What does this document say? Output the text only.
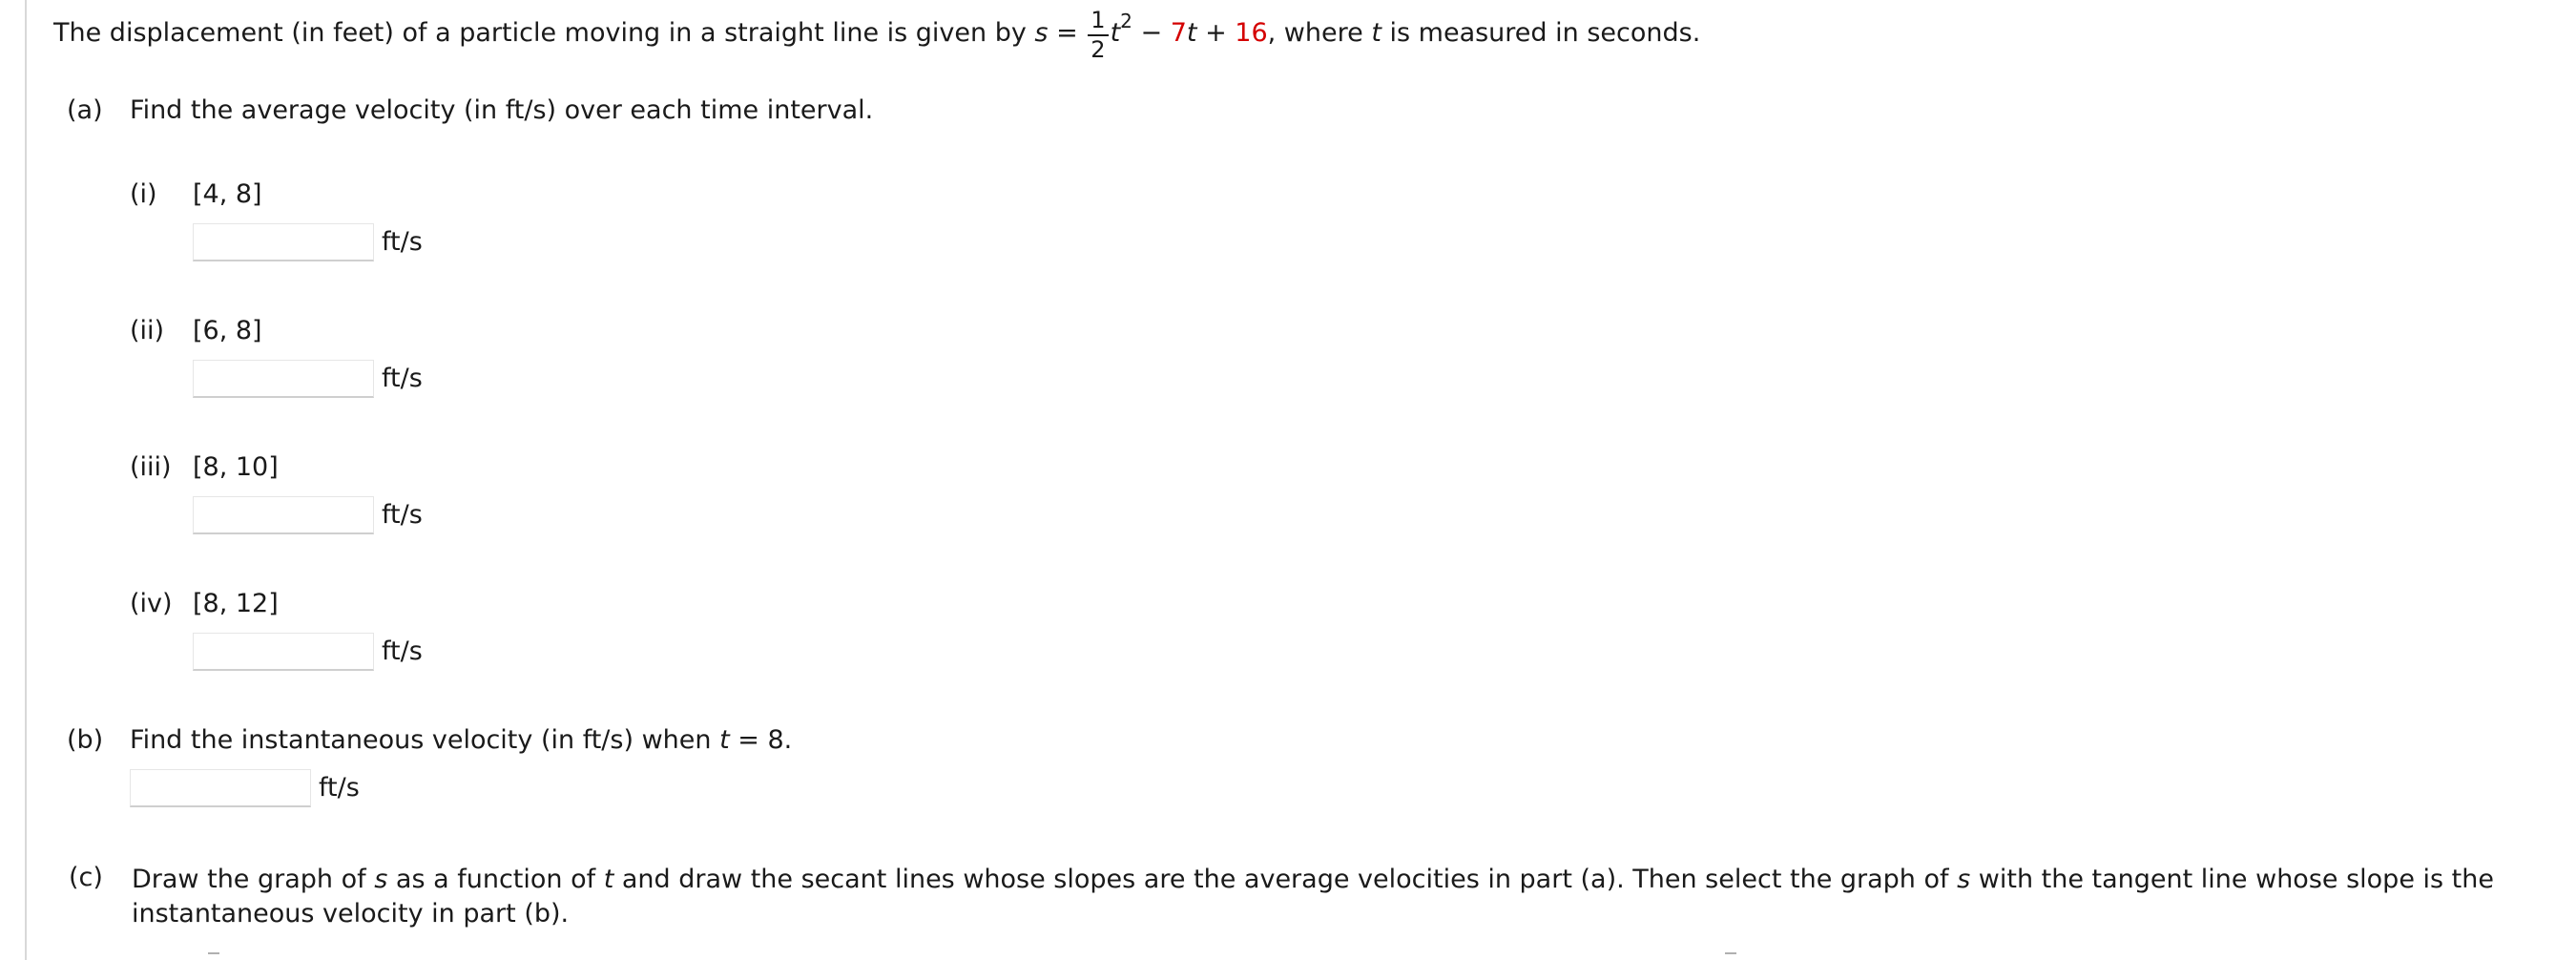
The displacement (in feet) of a particle moving in a straight line is given by $s = \frac{1}{2} t^2 - 7$ t + 16 , where t is measured in seconds.
(a) Find the average velocity (in ft/s) over each time interval.
(i) [4, 8]
ft/s
(ii) [6, 8]
ft/s
(iii) [8, 10]
ft/s
(iv) [8, 12]
ft/s
(b) Find the instantaneous velocity (in ft/s) when t = 8.
ft/s
(c) Draw the graph of s as a function of t and draw the secant lines whose slopes are the average velocities in part (a). Then select the graph of s with the tangent line whose slope is the instantaneous velocity in part (b).
